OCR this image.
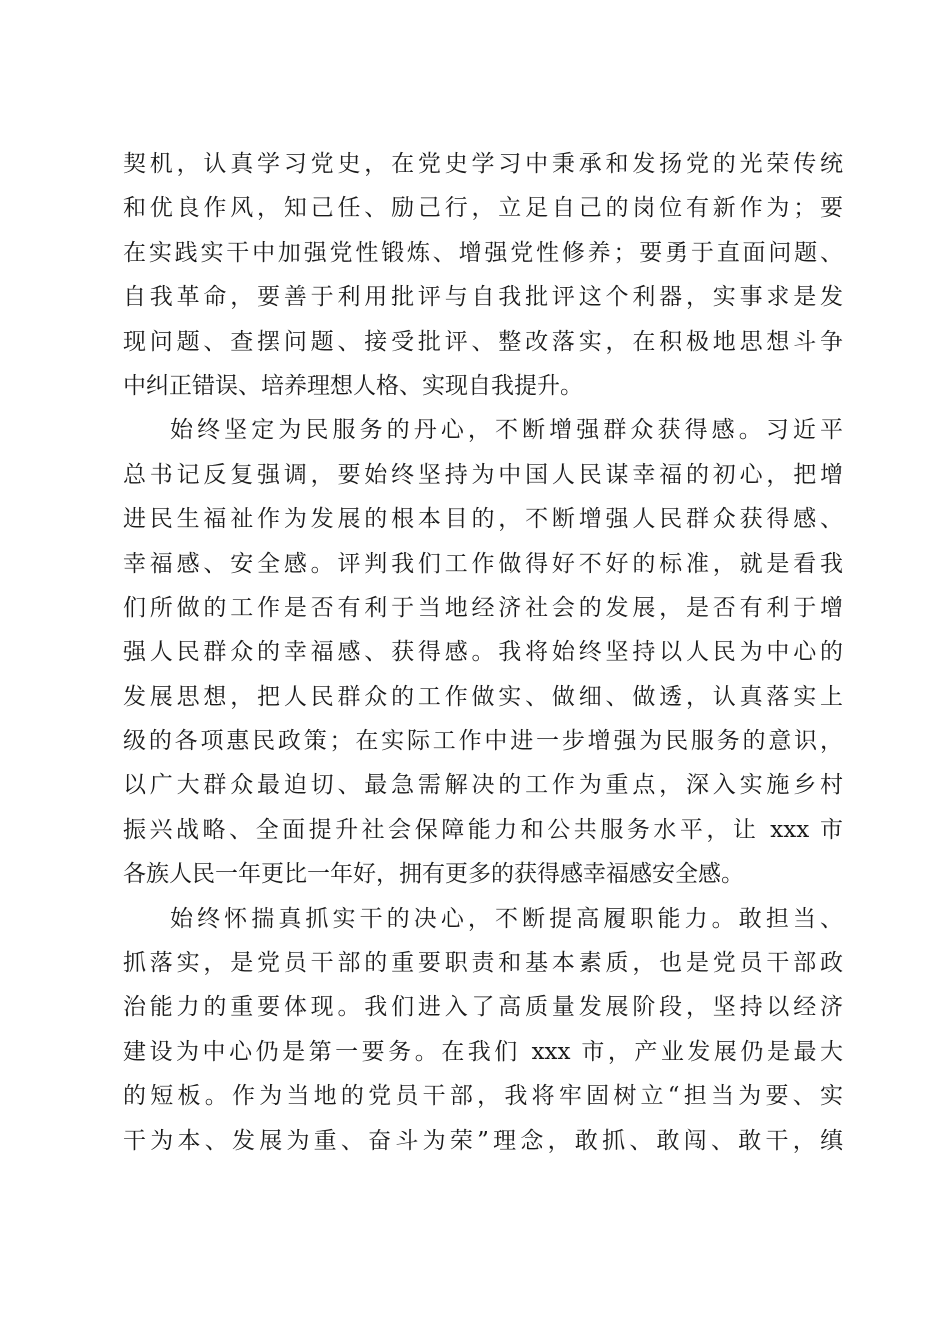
契机，认真学习党史，在党史学习中秉承和发扬党的光荣传统
和优良作风，知己任、励己行，立足自己的岗位有新作为；要
在实践实干中加强党性锻炼、增强党性修养；要勇于直面问题、
自我革命，要善于利用批评与自我批评这个利器，实事求是发
现问题、查摆问题、接受批评、整改落实，在积极地思想斗争
中纠正错误、培养理想人格、实现自我提升。
始终坚定为民服务的丹心，不断增强群众获得感。习近平
总书记反复强调，要始终坚持为中国人民谋幸福的初心，把增
进民生福祉作为发展的根本目的，不断增强人民群众获得感、
幸福感、安全感。评判我们工作做得好不好的标准，就是看我
们所做的工作是否有利于当地经济社会的发展，是否有利于增
强人民群众的幸福感、获得感。我将始终坚持以人民为中心的
发展思想，把人民群众的工作做实、做细、做透，认真落实上
级的各项惠民政策；在实际工作中进一步增强为民服务的意识，
以广大群众最迫切、最急需解决的工作为重点，深入实施乡村
振兴战略、全面提升社会保障能力和公共服务水平，让 xxx 市
各族人民一年更比一年好，拥有更多的获得感幸福感安全感。
始终怀揣真抓实干的决心，不断提高履职能力。敢担当、
抓落实，是党员干部的重要职责和基本素质，也是党员干部政
治能力的重要体现。我们进入了高质量发展阶段，坚持以经济
建设为中心仍是第一要务。在我们 xxx 市，产业发展仍是最大
的短板。作为当地的党员干部，我将牢固树立“担当为要、实
干为本、发展为重、奋斗为荣”理念，敢抓、敢闯、敢干，缜
